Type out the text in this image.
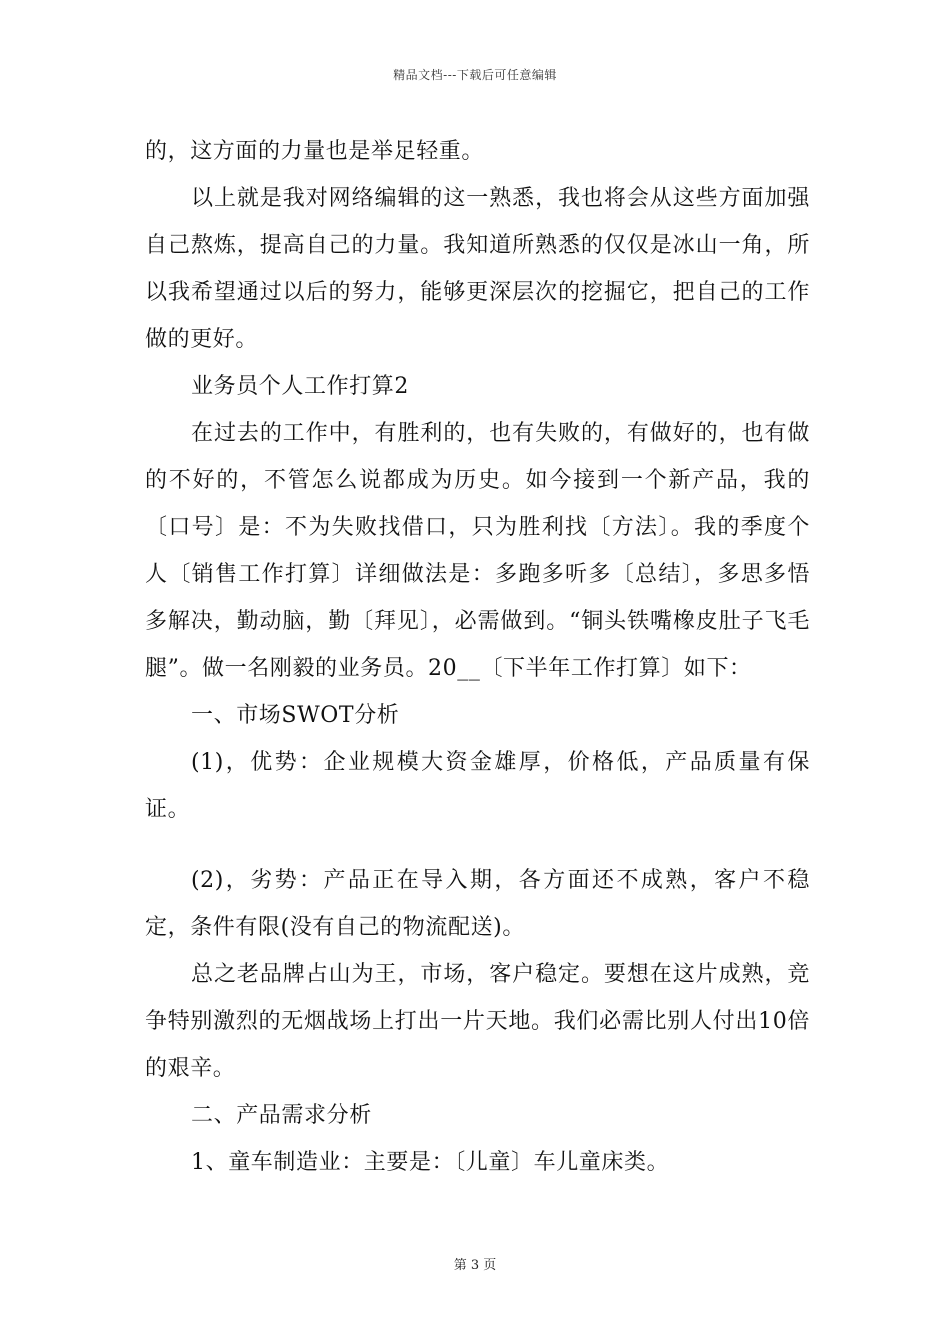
精品文档---下载后可任意编辑

的，这方面的力量也是举足轻重。

以上就是我对网络编辑的这一熟悉，我也将会从这些方面加强自己熬炼，提高自己的力量。我知道所熟悉的仅仅是冰山一角，所以我希望通过以后的努力，能够更深层次的挖掘它，把自己的工作做的更好。

业务员个人工作打算2

在过去的工作中，有胜利的，也有失败的，有做好的，也有做的不好的，不管怎么说都成为历史。如今接到一个新产品，我的〔口号〕是：不为失败找借口，只为胜利找〔方法〕。我的季度个人〔销售工作打算〕详细做法是：多跑多听多〔总结〕，多思多悟多解决，勤动脑，勤〔拜见〕，必需做到。“铜头铁嘴橡皮肚子飞毛腿”。做一名刚毅的业务员。20__〔下半年工作打算〕如下：

一、市场SWOT分析

(1)，优势：企业规模大资金雄厚，价格低，产品质量有保证。

(2)，劣势：产品正在导入期，各方面还不成熟，客户不稳定，条件有限(没有自己的物流配送)。

总之老品牌占山为王，市场，客户稳定。要想在这片成熟，竞争特别激烈的无烟战场上打出一片天地。我们必需比别人付出10倍的艰辛。

二、产品需求分析

1、童车制造业：主要是：〔儿童〕车儿童床类。

第 3 页
